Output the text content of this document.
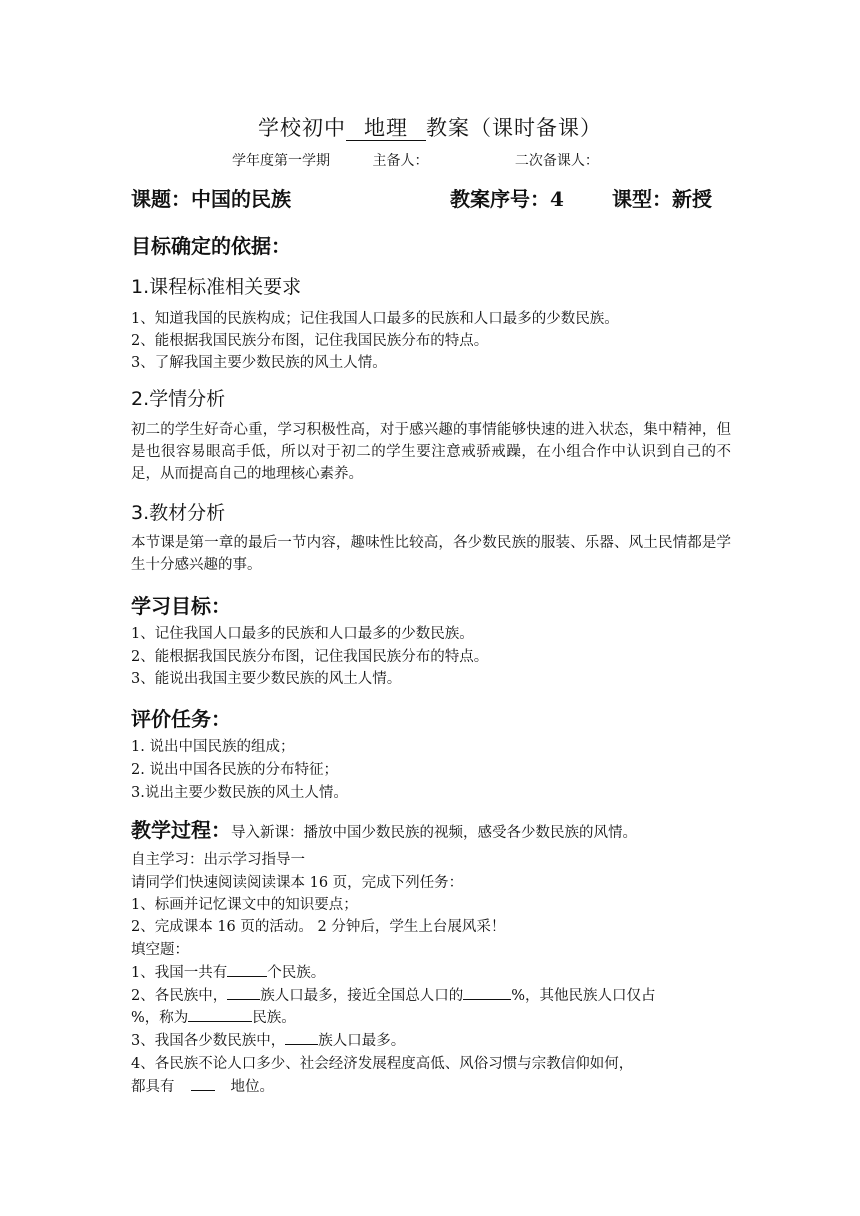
学校初中 地理 教案（课时备课）
学年度第一学期	主备人：	二次备课人：
课题：中国的民族	教案序号：4 课型：新授
目标确定的依据：
1.课程标准相关要求
1、知道我国的民族构成；记住我国人口最多的民族和人口最多的少数民族。
2、能根据我国民族分布图，记住我国民族分布的特点。
3、了解我国主要少数民族的风土人情。
2.学情分析
初二的学生好奇心重，学习积极性高，对于感兴趣的事情能够快速的进入状态，集中精神，但是也很容易眼高手低，所以对于初二的学生要注意戒骄戒躁，在小组合作中认识到自己的不足，从而提高自己的地理核心素养。
3.教材分析
本节课是第一章的最后一节内容，趣味性比较高，各少数民族的服装、乐器、风土民情都是学生十分感兴趣的事。
学习目标：
1、记住我国人口最多的民族和人口最多的少数民族。
2、能根据我国民族分布图，记住我国民族分布的特点。
3、能说出我国主要少数民族的风土人情。
评价任务：
1. 说出中国民族的组成；
2. 说出中国各民族的分布特征；
3.说出主要少数民族的风土人情。
教学过程：导入新课：播放中国少数民族的视频，感受各少数民族的风情。
自主学习：出示学习指导一
请同学们快速阅读阅读课本 16 页，完成下列任务：
1、标画并记忆课文中的知识要点；
2、完成课本 16 页的活动。 2 分钟后，学生上台展风采！
填空题：
1、我国一共有	个民族。
2、各民族中， 族人口最多，接近全国总人口的	%，其他民族人口仅占
%，称为	民族。
3、我国各少数民族中， 族人口最多。
4、各民族不论人口多少、社会经济发展程度高低、风俗习惯与宗教信仰如何，
都具有	地位。
